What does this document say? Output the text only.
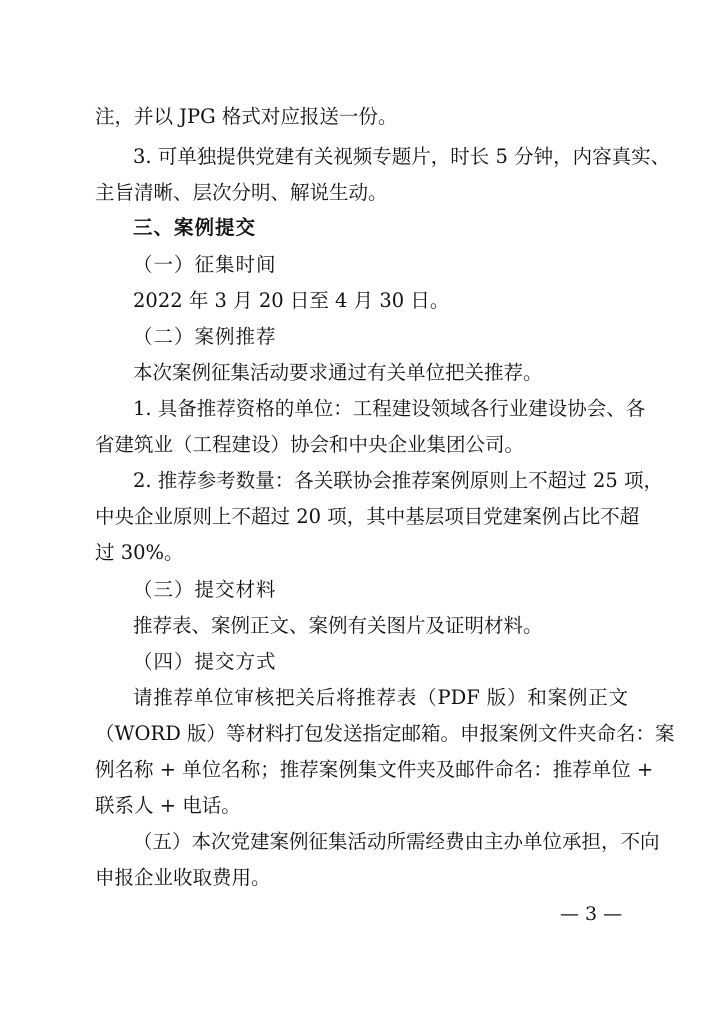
注，并以 JPG 格式对应报送一份。
3. 可单独提供党建有关视频专题片，时长 5 分钟，内容真实、
主旨清晰、层次分明、解说生动。
三、案例提交
（一）征集时间
2022 年 3 月 20 日至 4 月 30 日。
（二）案例推荐
本次案例征集活动要求通过有关单位把关推荐。
1. 具备推荐资格的单位：工程建设领域各行业建设协会、各
省建筑业（工程建设）协会和中央企业集团公司。
2. 推荐参考数量：各关联协会推荐案例原则上不超过 25 项，
中央企业原则上不超过 20 项，其中基层项目党建案例占比不超
过 30%。
（三）提交材料
推荐表、案例正文、案例有关图片及证明材料。
（四）提交方式
请推荐单位审核把关后将推荐表（PDF 版）和案例正文
（WORD 版）等材料打包发送指定邮箱。申报案例文件夹命名：案
例名称 + 单位名称；推荐案例集文件夹及邮件命名：推荐单位 +
联系人 + 电话。
（五）本次党建案例征集活动所需经费由主办单位承担，不向
申报企业收取费用。
— 3 —
